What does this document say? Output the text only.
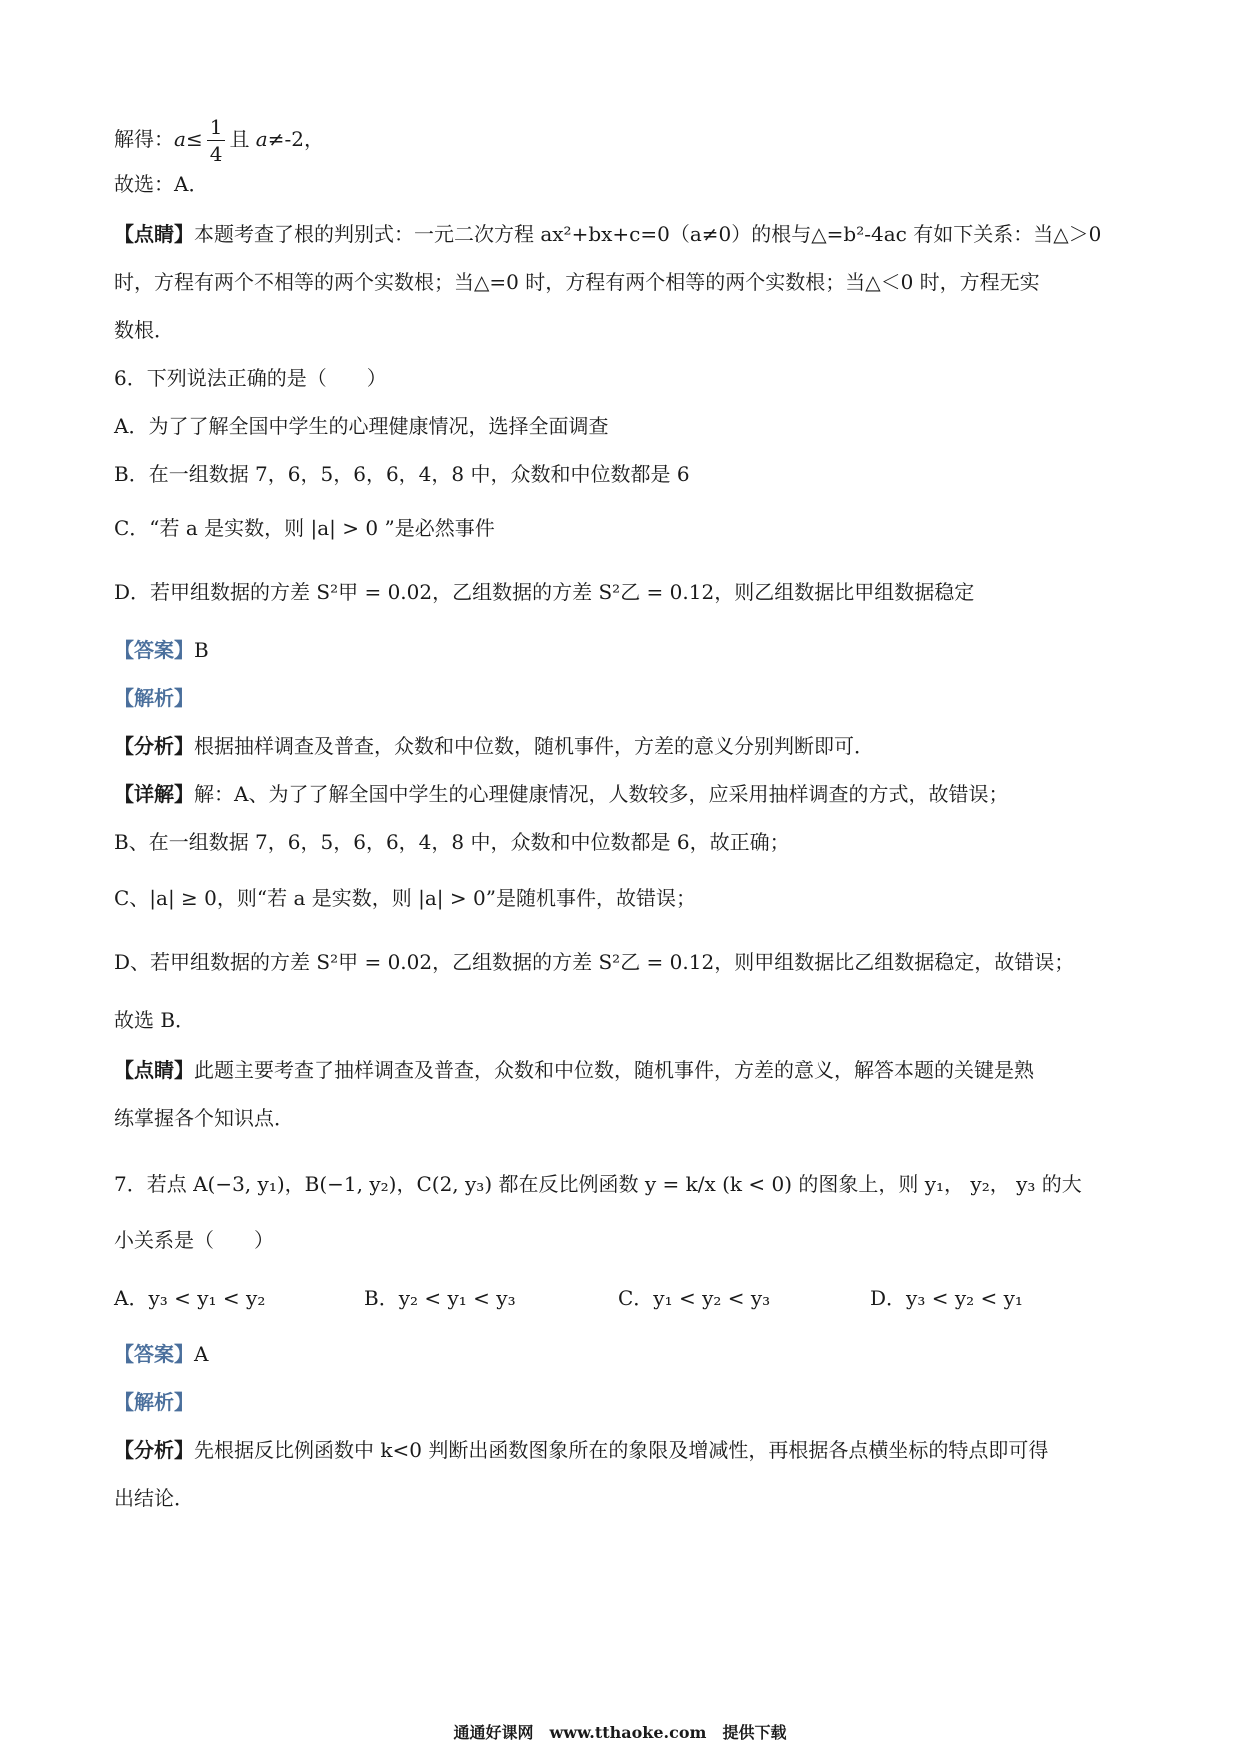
解得：$a\le \frac{1}{4}$ 且 a≠-2，
故选：A．
【点睛】本题考查了根的判别式：一元二次方程 ax²+bx+c=0（a≠0）的根与△=b²-4ac 有如下关系：当△＞0
时，方程有两个不相等的两个实数根；当△=0 时，方程有两个相等的两个实数根；当△＜0 时，方程无实
数根．
6．下列说法正确的是（　　）
A．为了了解全国中学生的心理健康情况，选择全面调查
B．在一组数据 7，6，5，6，6，4，8 中，众数和中位数都是 6
C．“若 a 是实数，则 |a| > 0 ”是必然事件
D．若甲组数据的方差 S²甲 = 0.02，乙组数据的方差 S²乙 = 0.12，则乙组数据比甲组数据稳定
【答案】B
【解析】
【分析】根据抽样调查及普查，众数和中位数，随机事件，方差的意义分别判断即可．
【详解】解：A、为了了解全国中学生的心理健康情况，人数较多，应采用抽样调查的方式，故错误；
B、在一组数据 7，6，5，6，6，4，8 中，众数和中位数都是 6，故正确；
C、|a| ≥ 0，则“若 a 是实数，则 |a| > 0”是随机事件，故错误；
D、若甲组数据的方差 S²甲 = 0.02，乙组数据的方差 S²乙 = 0.12，则甲组数据比乙组数据稳定，故错误；
故选 B．
【点睛】此题主要考查了抽样调查及普查，众数和中位数，随机事件，方差的意义，解答本题的关键是熟
练掌握各个知识点．
7．若点 A(−3, y₁)，B(−1, y₂)，C(2, y₃) 都在反比例函数 y = k/x (k < 0) 的图象上，则 y₁， y₂， y₃ 的大
小关系是（　　）
A．y₃ < y₁ < y₂	B．y₂ < y₁ < y₃	C．y₁ < y₂ < y₃	D．y₃ < y₂ < y₁
【答案】A
【解析】
【分析】先根据反比例函数中 k<0 判断出函数图象所在的象限及增减性，再根据各点横坐标的特点即可得
出结论．
通通好课网　www.tthaoke.com　提供下载
